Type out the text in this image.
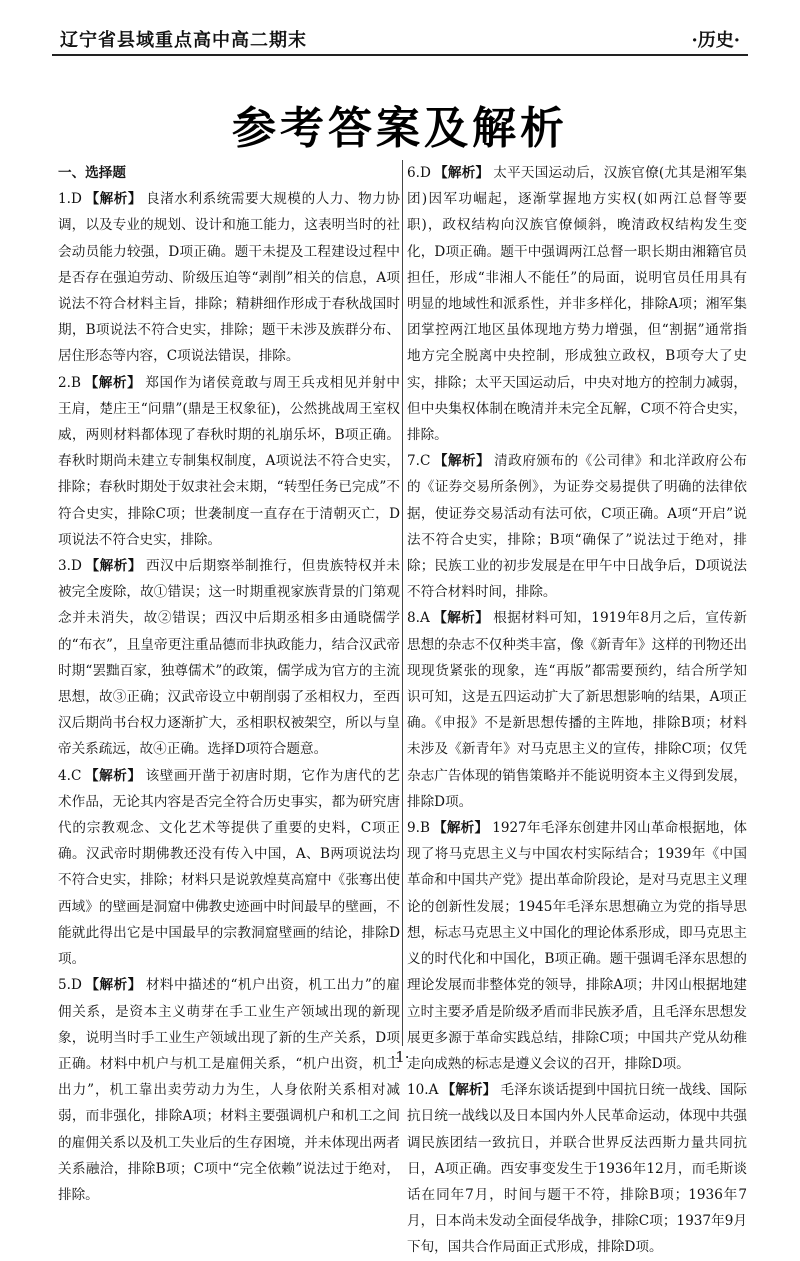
辽宁省县域重点高中高二期末	·历史·
参考答案及解析
一、选择题

1.D 【解析】 良渚水利系统需要大规模的人力、物力协调，以及专业的规划、设计和施工能力，这表明当时的社会动员能力较强，D项正确。题干未提及工程建设过程中是否存在强迫劳动、阶级压迫等“剥削”相关的信息，A项说法不符合材料主旨，排除；精耕细作形成于春秋战国时期，B项说法不符合史实，排除；题干未涉及族群分布、居住形态等内容，C项说法错误，排除。

2.B 【解析】 郑国作为诸侯竟敢与周王兵戎相见并射中王肩，楚庄王“问鼎”(鼎是王权象征)，公然挑战周王室权威，两则材料都体现了春秋时期的礼崩乐坏，B项正确。春秋时期尚未建立专制集权制度，A项说法不符合史实，排除；春秋时期处于奴隶社会末期，“转型任务已完成”不符合史实，排除C项；世袭制度一直存在于清朝灭亡，D项说法不符合史实，排除。

3.D 【解析】 西汉中后期察举制推行，但贵族特权并未被完全废除，故①错误；这一时期重视家族背景的门第观念并未消失，故②错误；西汉中后期丞相多由通晓儒学的“布衣”，且皇帝更注重品德而非执政能力，结合汉武帝时期“罢黜百家，独尊儒术”的政策，儒学成为官方的主流思想，故③正确；汉武帝设立中朝削弱了丞相权力，至西汉后期尚书台权力逐渐扩大，丞相职权被架空，所以与皇帝关系疏远，故④正确。选择D项符合题意。

4.C 【解析】 该壁画开凿于初唐时期，它作为唐代的艺术作品，无论其内容是否完全符合历史事实，都为研究唐代的宗教观念、文化艺术等提供了重要的史料，C项正确。汉武帝时期佛教还没有传入中国，A、B两项说法均不符合史实，排除；材料只是说敦煌莫高窟中《张骞出使西域》的壁画是洞窟中佛教史迹画中时间最早的壁画，不能就此得出它是中国最早的宗教洞窟壁画的结论，排除D项。

5.D 【解析】 材料中描述的“机户出资，机工出力”的雇佣关系，是资本主义萌芽在手工业生产领域出现的新现象，说明当时手工业生产领域出现了新的生产关系，D项正确。材料中机户与机工是雇佣关系，“机户出资，机工出力”，机工靠出卖劳动力为生，人身依附关系相对减弱，而非强化，排除A项；材料主要强调机户和机工之间的雇佣关系以及机工失业后的生存困境，并未体现出两者关系融洽，排除B项；C项中“完全依赖”说法过于绝对，排除。

6.D 【解析】 太平天国运动后，汉族官僚(尤其是湘军集团)因军功崛起，逐渐掌握地方实权(如两江总督等要职)，政权结构向汉族官僚倾斜，晚清政权结构发生变化，D项正确。题干中强调两江总督一职长期由湘籍官员担任，形成“非湘人不能任”的局面，说明官员任用具有明显的地域性和派系性，并非多样化，排除A项；湘军集团掌控两江地区虽体现地方势力增强，但“割据”通常指地方完全脱离中央控制，形成独立政权，B项夸大了史实，排除；太平天国运动后，中央对地方的控制力减弱，但中央集权体制在晚清并未完全瓦解，C项不符合史实，排除。

7.C 【解析】 清政府颁布的《公司律》和北洋政府公布的《证券交易所条例》，为证券交易提供了明确的法律依据，使证券交易活动有法可依，C项正确。A项“开启”说法不符合史实，排除；B项“确保了”说法过于绝对，排除；民族工业的初步发展是在甲午中日战争后，D项说法不符合材料时间，排除。

8.A 【解析】 根据材料可知，1919年8月之后，宣传新思想的杂志不仅种类丰富，像《新青年》这样的刊物还出现现货紧张的现象，连“再版”都需要预约，结合所学知识可知，这是五四运动扩大了新思想影响的结果，A项正确。《申报》不是新思想传播的主阵地，排除B项；材料未涉及《新青年》对马克思主义的宣传，排除C项；仅凭杂志广告体现的销售策略并不能说明资本主义得到发展，排除D项。

9.B 【解析】 1927年毛泽东创建井冈山革命根据地，体现了将马克思主义与中国农村实际结合；1939年《中国革命和中国共产党》提出革命阶段论，是对马克思主义理论的创新性发展；1945年毛泽东思想确立为党的指导思想，标志马克思主义中国化的理论体系形成，即马克思主义的时代化和中国化，B项正确。题干强调毛泽东思想的理论发展而非整体党的领导，排除A项；井冈山根据地建立时主要矛盾是阶级矛盾而非民族矛盾，且毛泽东思想发展更多源于革命实践总结，排除C项；中国共产党从幼稚走向成熟的标志是遵义会议的召开，排除D项。

10.A 【解析】 毛泽东谈话提到中国抗日统一战线、国际抗日统一战线以及日本国内外人民革命运动，体现中共强调民族团结一致抗日，并联合世界反法西斯力量共同抗日，A项正确。西安事变发生于1936年12月，而毛斯谈话在同年7月，时间与题干不符，排除B项；1936年7月，日本尚未发动全面侵华战争，排除C项；1937年9月下旬，国共合作局面正式形成，排除D项。

·1·
